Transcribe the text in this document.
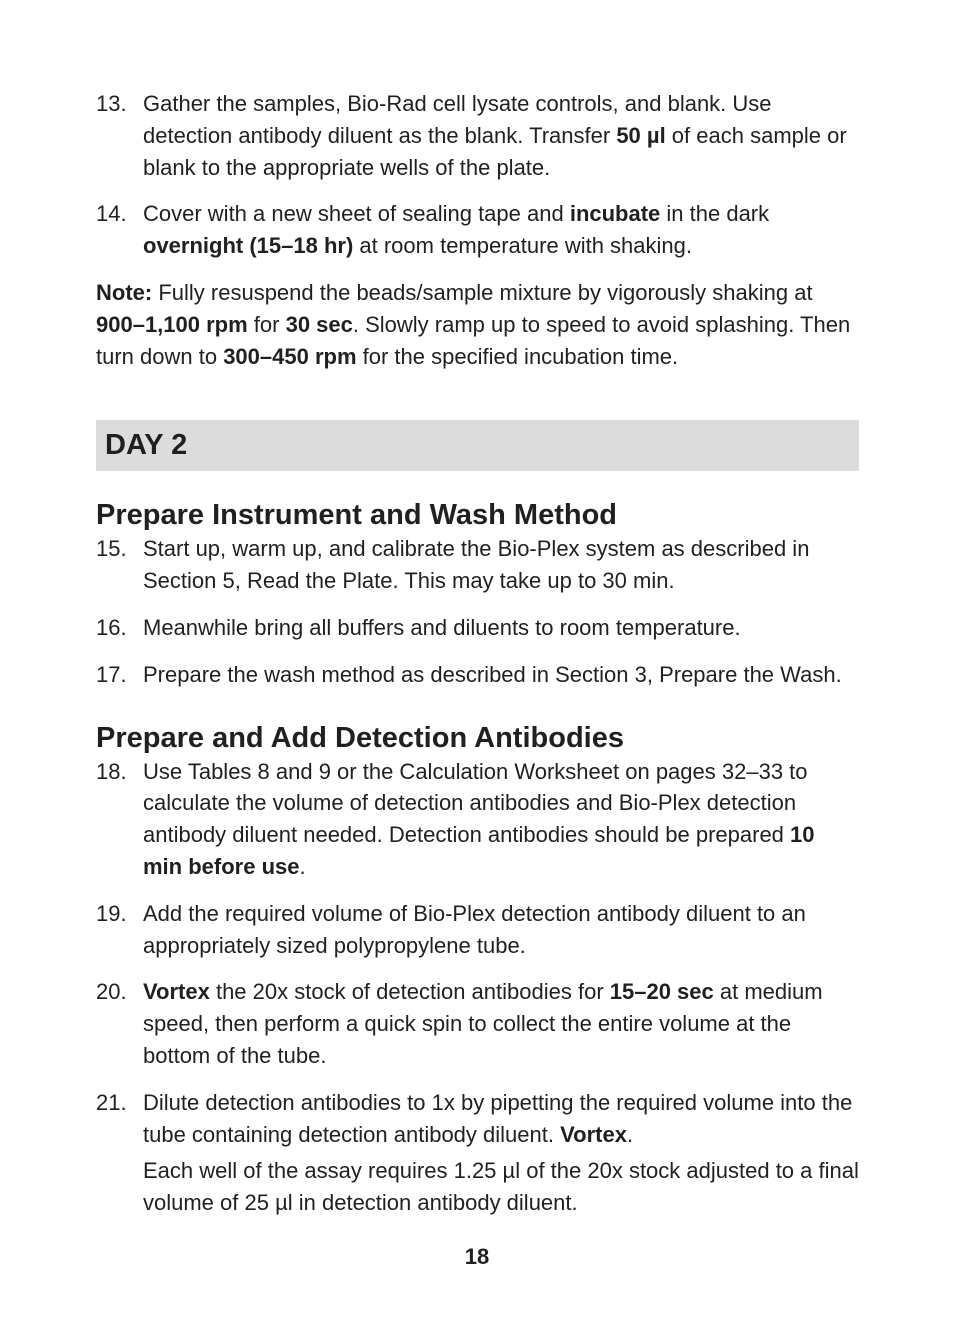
13. Gather the samples, Bio-Rad cell lysate controls, and blank. Use detection antibody diluent as the blank. Transfer 50 µl of each sample or blank to the appropriate wells of the plate.

14. Cover with a new sheet of sealing tape and incubate in the dark overnight (15–18 hr) at room temperature with shaking.

Note: Fully resuspend the beads/sample mixture by vigorously shaking at 900–1,100 rpm for 30 sec. Slowly ramp up to speed to avoid splashing. Then turn down to 300–450 rpm for the specified incubation time.

DAY 2
Prepare Instrument and Wash Method
15. Start up, warm up, and calibrate the Bio-Plex system as described in Section 5, Read the Plate. This may take up to 30 min.

16. Meanwhile bring all buffers and diluents to room temperature.

17. Prepare the wash method as described in Section 3, Prepare the Wash.

Prepare and Add Detection Antibodies
18. Use Tables 8 and 9 or the Calculation Worksheet on pages 32–33 to calculate the volume of detection antibodies and Bio-Plex detection antibody diluent needed. Detection antibodies should be prepared 10 min before use.

19. Add the required volume of Bio-Plex detection antibody diluent to an appropriately sized polypropylene tube.

20. Vortex the 20x stock of detection antibodies for 15–20 sec at medium speed, then perform a quick spin to collect the entire volume at the bottom of the tube.

21. Dilute detection antibodies to 1x by pipetting the required volume into the tube containing detection antibody diluent. Vortex.

Each well of the assay requires 1.25 µl of the 20x stock adjusted to a final volume of 25 µl in detection antibody diluent.

18
